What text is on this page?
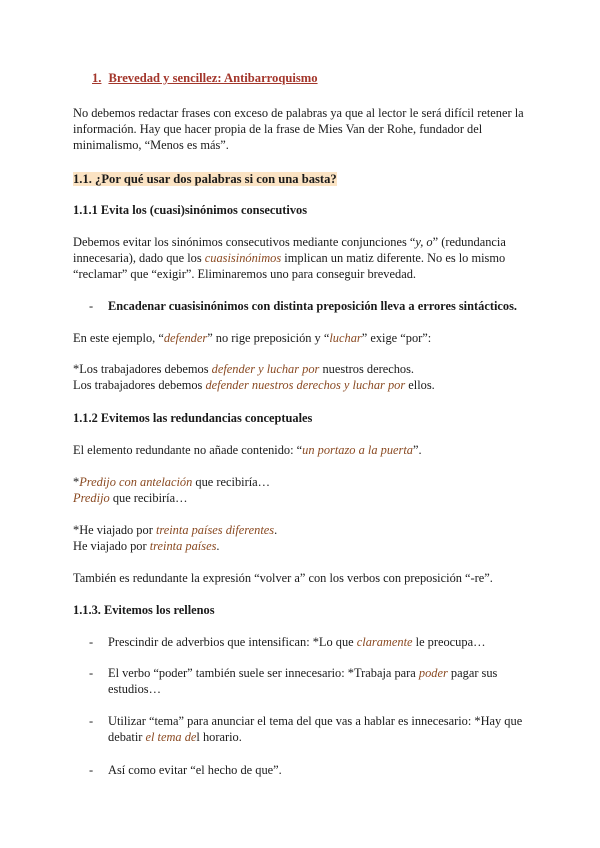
1. Brevedad y sencillez: Antibarroquismo

No debemos redactar frases con exceso de palabras ya que al lector le será difícil retener la información. Hay que hacer propia de la frase de Mies Van der Rohe, fundador del minimalismo, “Menos es más”.

1.1. ¿Por qué usar dos palabras si con una basta?

1.1.1 Evita los (cuasi)sinónimos consecutivos

Debemos evitar los sinónimos consecutivos mediante conjunciones “y, o” (redundancia innecesaria), dado que los cuasisinónimos implican un matiz diferente. No es lo mismo “reclamar” que “exigir”. Eliminaremos uno para conseguir brevedad.

-	Encadenar cuasisinónimos con distinta preposición lleva a errores sintácticos.

En este ejemplo, “defender” no rige preposición y “luchar” exige “por”:

*Los trabajadores debemos defender y luchar por nuestros derechos.
Los trabajadores debemos defender nuestros derechos y luchar por ellos.

1.1.2 Evitemos las redundancias conceptuales

El elemento redundante no añade contenido: “un portazo a la puerta”.

*Predijo con antelación que recibiría…
Predijo que recibiría…
*He viajado por treinta países diferentes.
He viajado por treinta países.

También es redundante la expresión “volver a” con los verbos con preposición “-re”.

1.1.3. Evitemos los rellenos

-	Prescindir de adverbios que intensifican: *Lo que claramente le preocupa…
-	El verbo “poder” también suele ser innecesario: *Trabaja para poder pagar sus estudios…
-	Utilizar “tema” para anunciar el tema del que vas a hablar es innecesario: *Hay que debatir el tema del horario.
-	Así como evitar “el hecho de que”.
